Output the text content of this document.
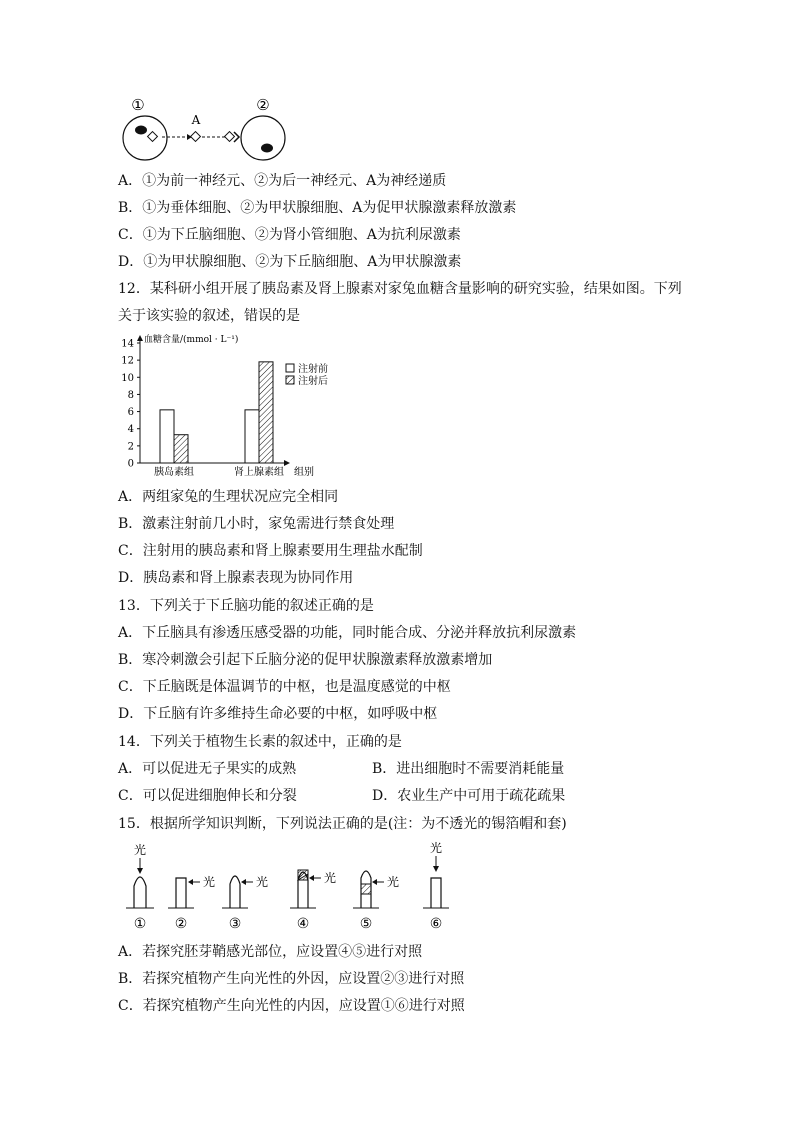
①	②
A
A．①为前一神经元、②为后一神经元、A为神经递质
B．①为垂体细胞、②为甲状腺细胞、A为促甲状腺激素释放激素
C．①为下丘脑细胞、②为肾小管细胞、A为抗利尿激素
D．①为甲状腺细胞、②为下丘脑细胞、A为甲状腺激素
12．某科研小组开展了胰岛素及肾上腺素对家兔血糖含量影响的研究实验，结果如图。下列
关于该实验的叙述，错误的是
血糖含量/(mmol · L⁻¹)
组别
0
2
4
6
8
10
12
14
胰岛素组	肾上腺素组
注射前
注射后
A．两组家兔的生理状况应完全相同
B．激素注射前几小时，家兔需进行禁食处理
C．注射用的胰岛素和肾上腺素要用生理盐水配制
D．胰岛素和肾上腺素表现为协同作用
13．下列关于下丘脑功能的叙述正确的是
A．下丘脑具有渗透压感受器的功能，同时能合成、分泌并释放抗利尿激素
B．寒冷刺激会引起下丘脑分泌的促甲状腺激素释放激素增加
C．下丘脑既是体温调节的中枢，也是温度感觉的中枢
D．下丘脑有许多维持生命必要的中枢，如呼吸中枢
14．下列关于植物生长素的叙述中，正确的是
A．可以促进无子果实的成熟	B．进出细胞时不需要消耗能量
C．可以促进细胞伸长和分裂	D．农业生产中可用于疏花疏果
15．根据所学知识判断，下列说法正确的是(注：为不透光的锡箔帽和套)
光
①
光
②
光
③
光
④
光
⑤
光
⑥
A．若探究胚芽鞘感光部位，应设置④⑤进行对照
B．若探究植物产生向光性的外因，应设置②③进行对照
C．若探究植物产生向光性的内因，应设置①⑥进行对照
